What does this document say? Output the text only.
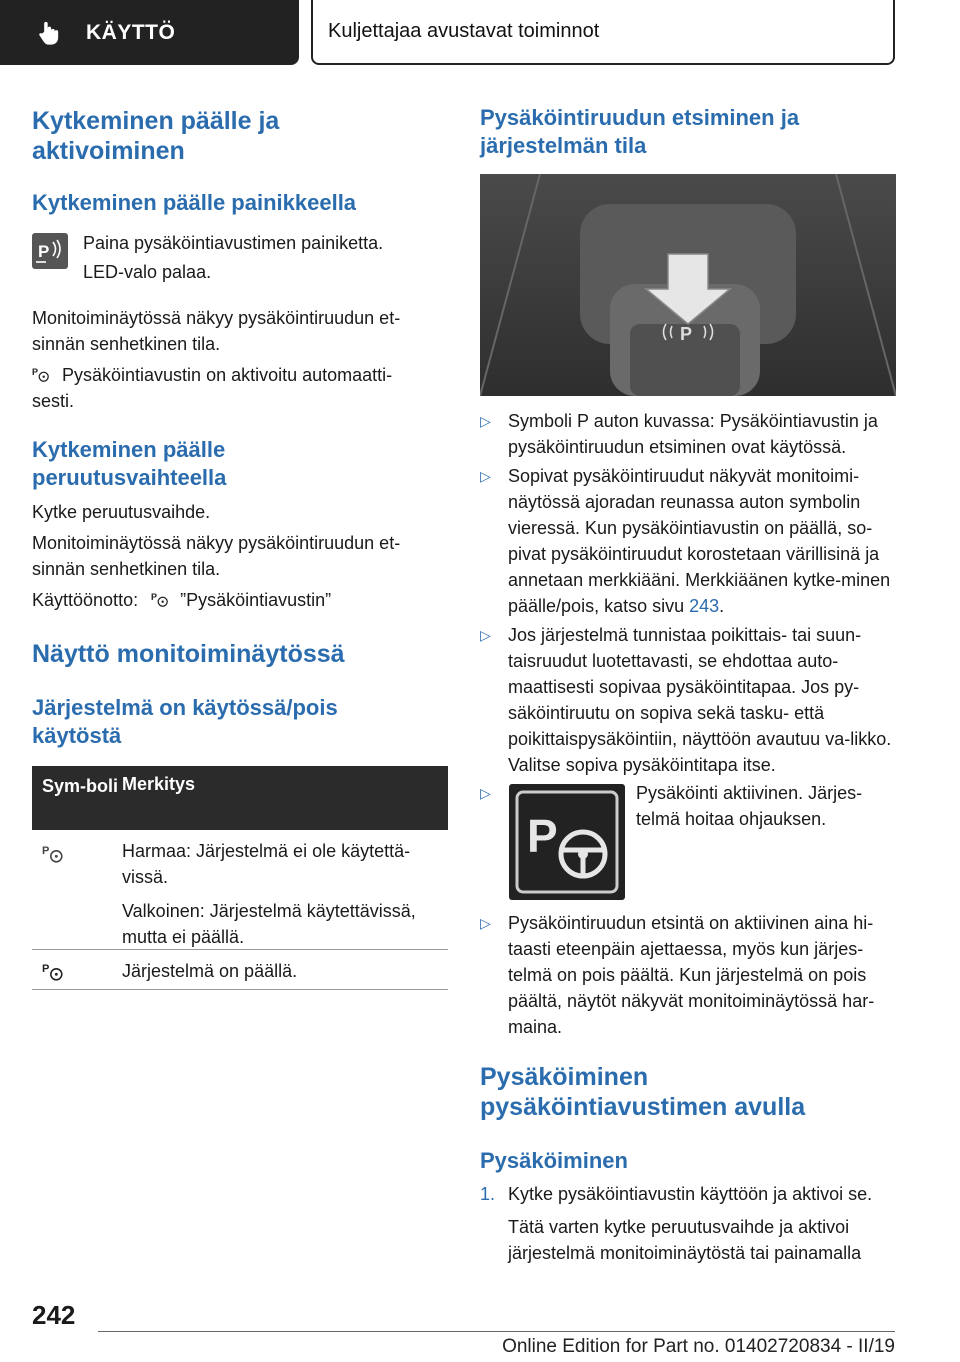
KÄYTTÖ	Kuljettajaa avustavat toiminnot
Kytkeminen päälle ja aktivoiminen
Kytkeminen päälle painikkeella
P Paina pysäköintiavustimen painiketta.
LED-valo palaa.
Monitoiminäytössä näkyy pysäköintiruudun et-sinnän senhetkinen tila.
P	Pysäköintiavustin on aktivoitu automaatti-sesti.
Kytkeminen päälle peruutusvaihteella
Kytke peruutusvaihde.
Monitoiminäytössä näkyy pysäköintiruudun et-sinnän senhetkinen tila.
Käyttöönotto: P ”Pysäköintiavustin”
Näyttö monitoiminäytössä
Järjestelmä on käytössä/pois käytöstä
Sym-boli Merkitys
P	Harmaa: Järjestelmä ei ole käytettä-vissä.
Valkoinen: Järjestelmä käytettävissä, mutta ei päällä.
P	Järjestelmä on päällä.
Pysäköintiruudun etsiminen ja järjestelmän tila
P
▷ Symboli P auton kuvassa: Pysäköintiavustin ja pysäköintiruudun etsiminen ovat käytössä.
▷ Sopivat pysäköintiruudut näkyvät monitoimi-näytössä ajoradan reunassa auton symbolin vieressä. Kun pysäköintiavustin on päällä, so-pivat pysäköintiruudut korostetaan värillisinä ja annetaan merkkiääni. Merkkiäänen kytke-minen päälle/pois, katso sivu 243.
▷ Jos järjestelmä tunnistaa poikittais- tai suun-taisruudut luotettavasti, se ehdottaa auto-maattisesti sopivaa pysäköintitapaa. Jos py-säköintiruutu on sopiva sekä tasku- että poikittaispysäköintiin, näyttöön avautuu va-likko. Valitse sopiva pysäköintitapa itse.
▷
P
Pysäköinti aktiivinen. Järjes-telmä hoitaa ohjauksen.
▷ Pysäköintiruudun etsintä on aktiivinen aina hi-taasti eteenpäin ajettaessa, myös kun järjes-telmä on pois päältä. Kun järjestelmä on pois päältä, näytöt näkyvät monitoiminäytössä har-maina.
Pysäköiminen pysäköintiavustimen avulla
Pysäköiminen
1. Kytke pysäköintiavustin käyttöön ja aktivoi se.
Tätä varten kytke peruutusvaihde ja aktivoi järjestelmä monitoiminäytöstä tai painamalla
242
Online Edition for Part no. 01402720834 - II/19
